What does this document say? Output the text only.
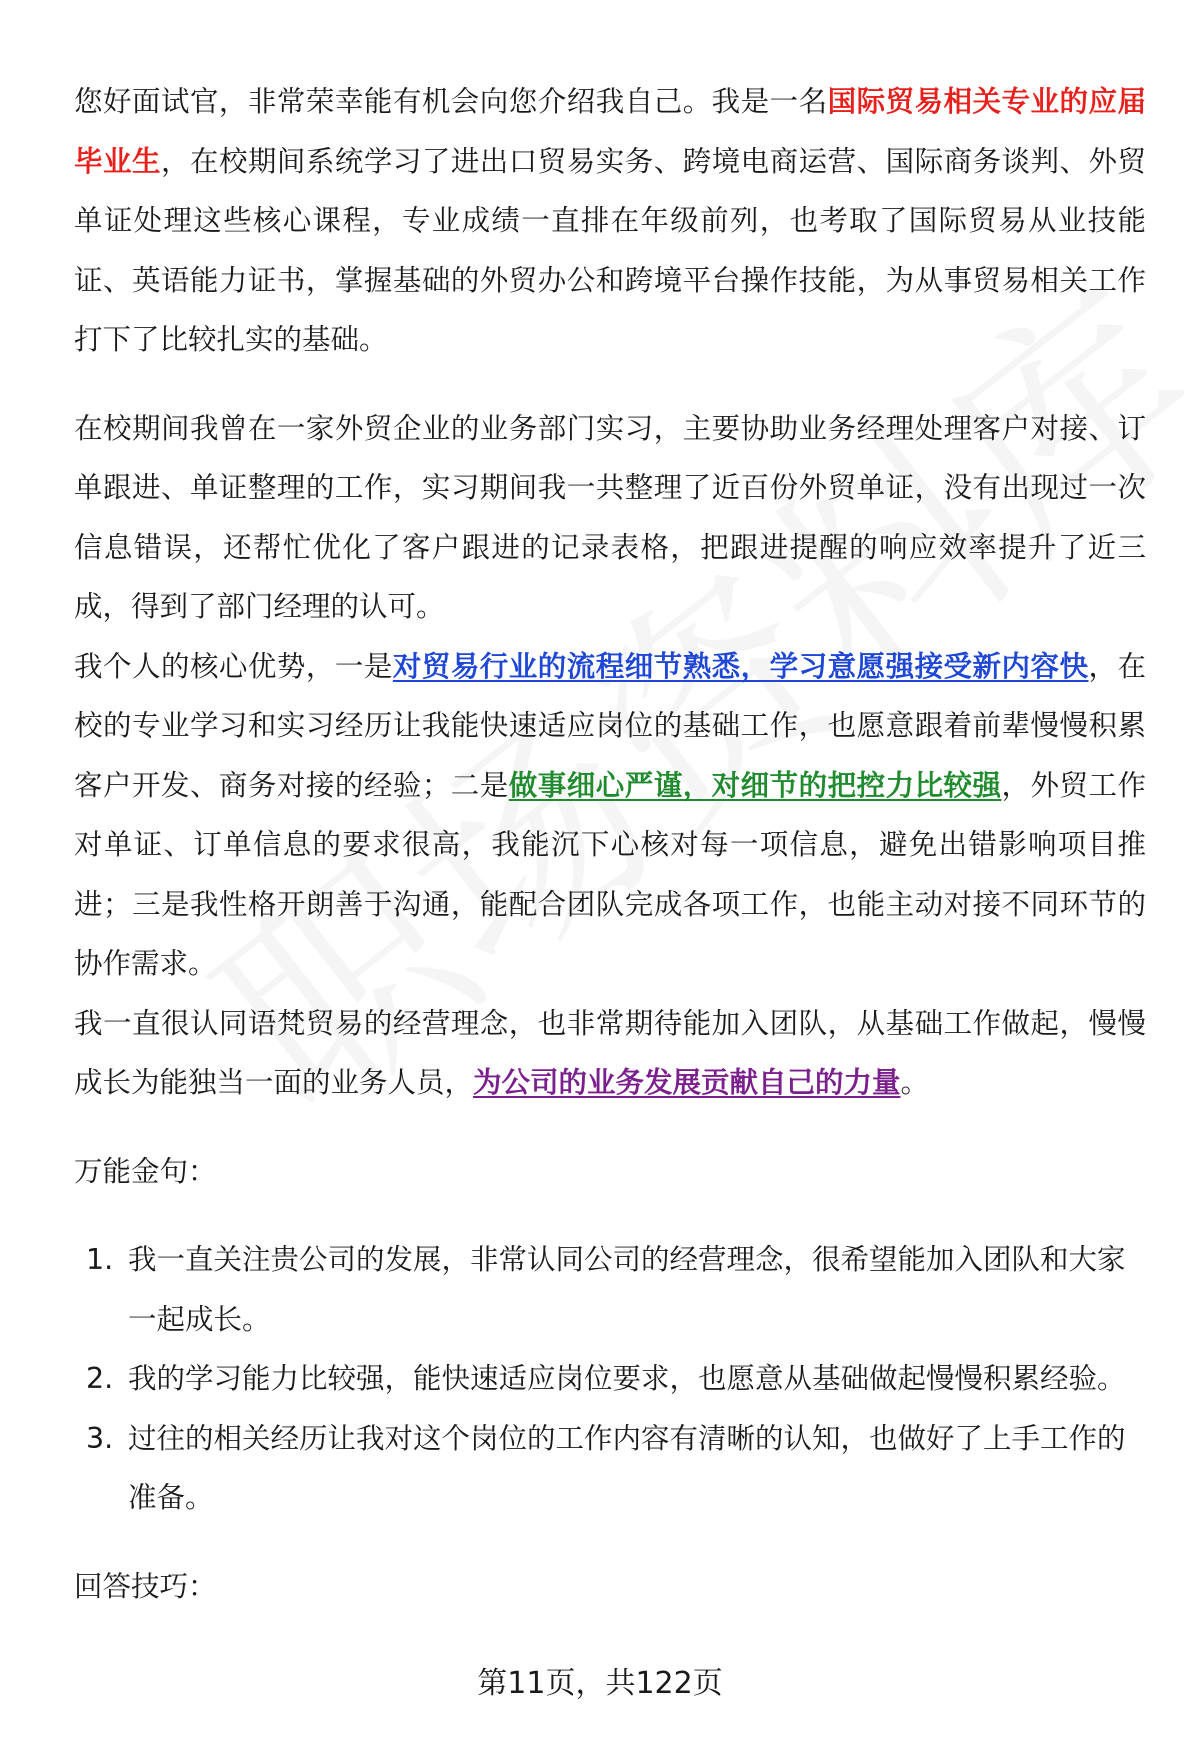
您好面试官，非常荣幸能有机会向您介绍我自己。我是一名国际贸易相关专业的应届毕业生，在校期间系统学习了进出口贸易实务、跨境电商运营、国际商务谈判、外贸单证处理这些核心课程，专业成绩一直排在年级前列，也考取了国际贸易从业技能证、英语能力证书，掌握基础的外贸办公和跨境平台操作技能，为从事贸易相关工作打下了比较扎实的基础。

在校期间我曾在一家外贸企业的业务部门实习，主要协助业务经理处理客户对接、订单跟进、单证整理的工作，实习期间我一共整理了近百份外贸单证，没有出现过一次信息错误，还帮忙优化了客户跟进的记录表格，把跟进提醒的响应效率提升了近三成，得到了部门经理的认可。

我个人的核心优势，一是对贸易行业的流程细节熟悉，学习意愿强接受新内容快，在校的专业学习和实习经历让我能快速适应岗位的基础工作，也愿意跟着前辈慢慢积累客户开发、商务对接的经验；二是做事细心严谨，对细节的把控力比较强，外贸工作对单证、订单信息的要求很高，我能沉下心核对每一项信息，避免出错影响项目推进；三是我性格开朗善于沟通，能配合团队完成各项工作，也能主动对接不同环节的协作需求。

我一直很认同语梵贸易的经营理念，也非常期待能加入团队，从基础工作做起，慢慢成长为能独当一面的业务人员，为公司的业务发展贡献自己的力量。

万能金句：

1. 我一直关注贵公司的发展，非常认同公司的经营理念，很希望能加入团队和大家一起成长。
2. 我的学习能力比较强，能快速适应岗位要求，也愿意从基础做起慢慢积累经验。
3. 过往的相关经历让我对这个岗位的工作内容有清晰的认知，也做好了上手工作的准备。

回答技巧：

第11页，共122页
